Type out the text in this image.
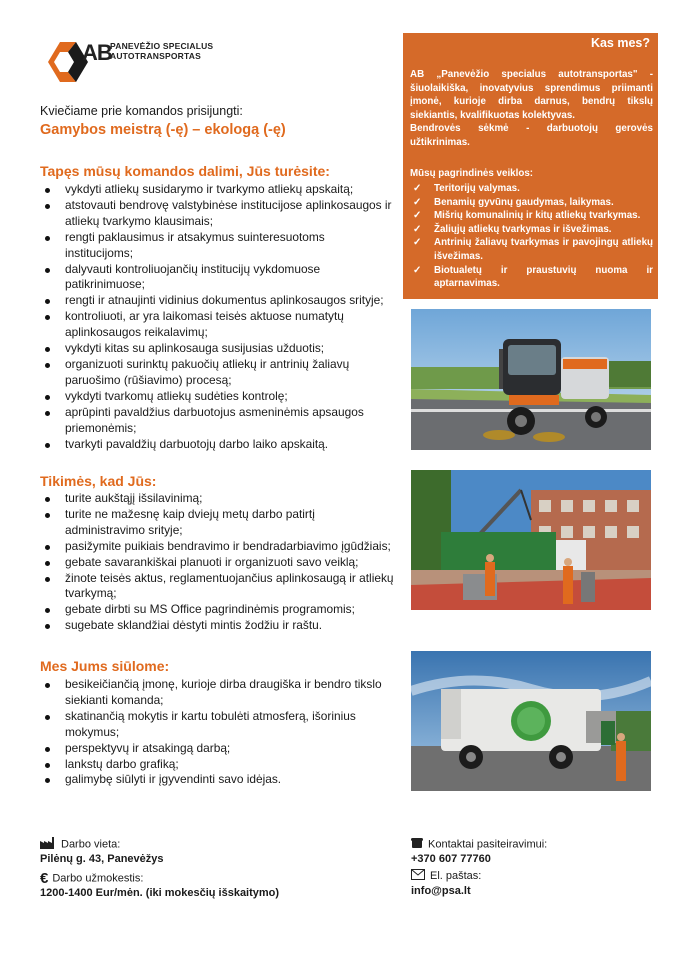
AB
PANEVĖŽIO SPECIALUS
AUTOTRANSPORTAS
Kviečiame prie komandos prisijungti:
Gamybos meistrą (-ę) – ekologą (-ę)
Tapęs mūsų komandos dalimi, Jūs turėsite:
vykdyti atliekų susidarymo ir tvarkymo atliekų apskaitą;
atstovauti bendrovę valstybinėse institucijose aplinkosaugos ir atliekų tvarkymo klausimais;
rengti paklausimus ir atsakymus suinteresuotoms institucijoms;
dalyvauti kontroliuojančių institucijų vykdomuose patikrinimuose;
rengti ir atnaujinti vidinius dokumentus aplinkosaugos srityje;
kontroliuoti, ar yra laikomasi teisės aktuose numatytų aplinkosaugos reikalavimų;
vykdyti kitas su aplinkosauga susijusias užduotis;
organizuoti surinktų pakuočių atliekų ir antrinių žaliavų paruošimo (rūšiavimo) procesą;
vykdyti tvarkomų atliekų sudėties kontrolę;
aprūpinti pavaldžius darbuotojus asmeninėmis apsaugos priemonėmis;
tvarkyti pavaldžių darbuotojų darbo laiko apskaitą.
Tikimės, kad Jūs:
turite aukštąjį išsilavinimą;
turite ne mažesnę kaip dviejų metų darbo patirtį administravimo srityje;
pasižymite puikiais bendravimo ir bendradarbiavimo įgūdžiais;
gebate savarankiškai planuoti ir organizuoti savo veiklą;
žinote teisės aktus, reglamentuojančius aplinkosaugą ir atliekų tvarkymą;
gebate dirbti su MS Office pagrindinėmis programomis;
sugebate sklandžiai dėstyti mintis žodžiu ir raštu.
Mes Jums siūlome:
besikeičiančią įmonę, kurioje dirba draugiška ir bendro tikslo siekianti komanda;
skatinančią mokytis ir kartu tobulėti atmosferą, išorinius mokymus;
perspektyvų ir atsakingą darbą;
lankstų darbo grafiką;
galimybę siūlyti ir įgyvendinti savo idėjas.
Kas mes?

AB „Panevėžio specialus autotransportas" - šiuolaikiška, inovatyvius sprendimus priimanti įmonė, kurioje dirba darnus, bendrų tikslų siekiantis, kvalifikuotas kolektyvas.

Bendrovės sėkmė - darbuotojų gerovės užtikrinimas.

Mūsų pagrindinės veiklos:
✓ Teritorijų valymas.
✓ Benamių gyvūnų gaudymas, laikymas.
✓ Mišrių komunalinių ir kitų atliekų tvarkymas.
✓ Žaliųjų atliekų tvarkymas ir išvežimas.
✓ Antrinių žaliavų tvarkymas ir pavojingų atliekų išvežimas.
✓ Biotualetų ir praustuvių nuoma ir aptarnavimas.
Darbo vieta:
Pilėnų g. 43, Panevėžys
€ Darbo užmokestis:
1200-1400 Eur/mėn. (iki mokesčių išskaitymo)
Kontaktai pasiteiravimui:
+370 607 77760
El. paštas:
info@psa.lt
